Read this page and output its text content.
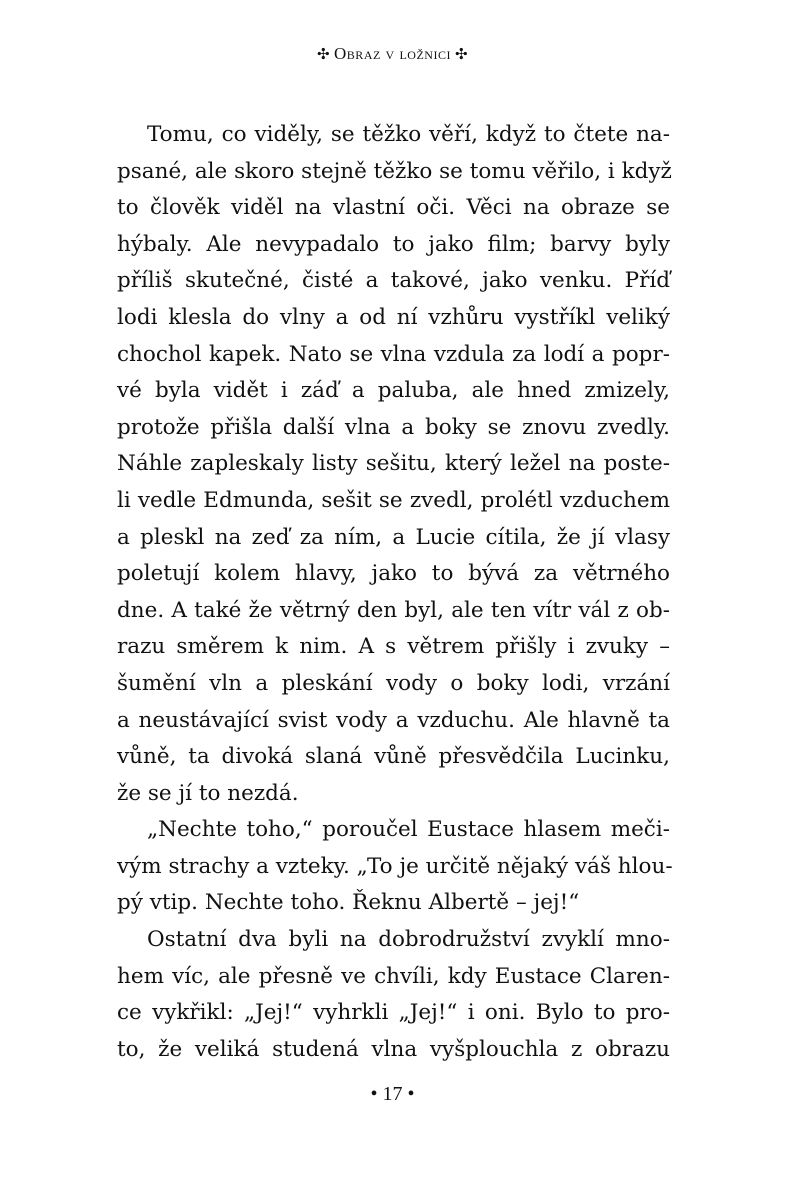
✣ Obraz v ložnici ✣
Tomu, co viděly, se těžko věří, když to čtete na-
psané, ale skoro stejně těžko se tomu věřilo, i když
to člověk viděl na vlastní oči. Věci na obraze se
hýbaly. Ale nevypadalo to jako film; barvy byly
příliš skutečné, čisté a takové, jako venku. Příď
lodi klesla do vlny a od ní vzhůru vystříkl veliký
chochol kapek. Nato se vlna vzdula za lodí a popr-
vé byla vidět i záď a paluba, ale hned zmizely,
protože přišla další vlna a boky se znovu zvedly.
Náhle zapleskaly listy sešitu, který ležel na poste-
li vedle Edmunda, sešit se zvedl, prolétl vzduchem
a pleskl na zeď za ním, a Lucie cítila, že jí vlasy
poletují kolem hlavy, jako to bývá za větrného
dne. A také že větrný den byl, ale ten vítr vál z ob-
razu směrem k nim. A s větrem přišly i zvuky –
šumění vln a pleskání vody o boky lodi, vrzání
a neustávající svist vody a vzduchu. Ale hlavně ta
vůně, ta divoká slaná vůně přesvědčila Lucinku,
že se jí to nezdá.
„Nechte toho,“ poroučel Eustace hlasem meči-
vým strachy a vzteky. „To je určitě nějaký váš hlou-
pý vtip. Nechte toho. Řeknu Albertě – jej!“
Ostatní dva byli na dobrodružství zvyklí mno-
hem víc, ale přesně ve chvíli, kdy Eustace Claren-
ce vykřikl: „Jej!“ vyhrkli „Jej!“ i oni. Bylo to pro-
to, že veliká studená vlna vyšplouchla z obrazu
• 17 •
